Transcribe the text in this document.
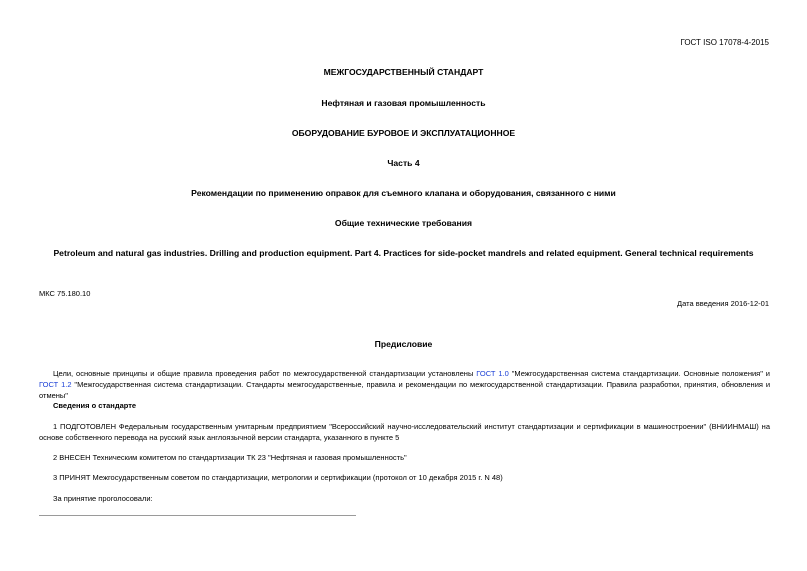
ГОСТ ISO 17078-4-2015
МЕЖГОСУДАРСТВЕННЫЙ СТАНДАРТ
Нефтяная и газовая промышленность
ОБОРУДОВАНИЕ БУРОВОЕ И ЭКСПЛУАТАЦИОННОЕ
Часть 4
Рекомендации по применению оправок для съемного клапана и оборудования, связанного с ними
Общие технические требования
Petroleum and natural gas industries. Drilling and production equipment. Part 4. Practices for side-pocket mandrels and related equipment. General technical requirements
МКС 75.180.10
Дата введения 2016-12-01
Предисловие
Цели, основные принципы и общие правила проведения работ по межгосударственной стандартизации установлены ГОСТ 1.0 "Межгосударственная система стандартизации. Основные положения" и ГОСТ 1.2 "Межгосударственная система стандартизации. Стандарты межгосударственные, правила и рекомендации по межгосударственной стандартизации. Правила разработки, принятия, обновления и отмены"
Сведения о стандарте
1 ПОДГОТОВЛЕН Федеральным государственным унитарным предприятием "Всероссийский научно-исследовательский институт стандартизации и сертификации в машиностроении" (ВНИИНМАШ) на основе собственного перевода на русский язык англоязычной версии стандарта, указанного в пункте 5
2 ВНЕСЕН Техническим комитетом по стандартизации ТК 23 "Нефтяная и газовая промышленность"
3 ПРИНЯТ Межгосударственным советом по стандартизации, метрологии и сертификации (протокол от 10 декабря 2015 г. N 48)
За принятие проголосовали:
